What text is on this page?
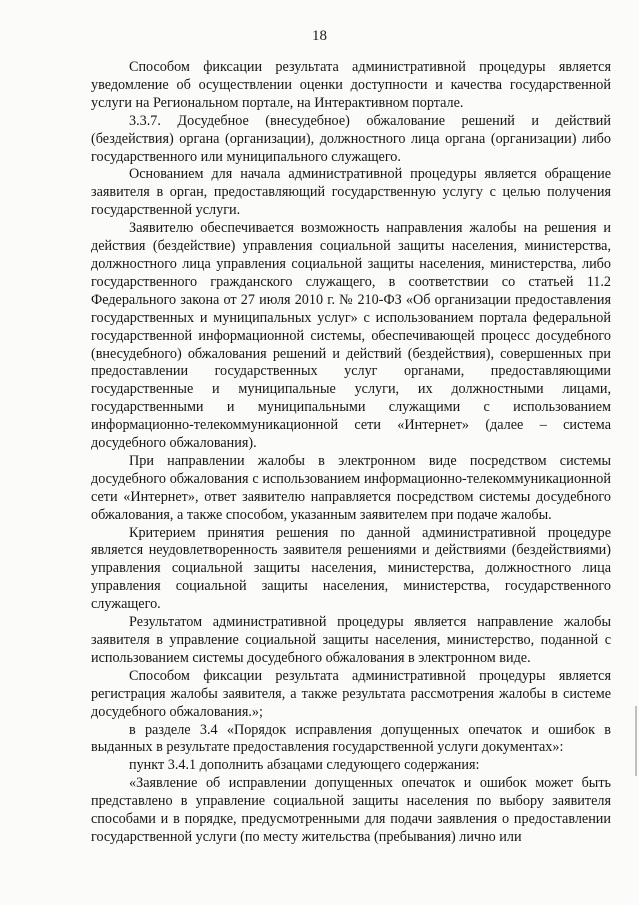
18

Способом фиксации результата административной процедуры является уведомление об осуществлении оценки доступности и качества государственной услуги на Региональном портале, на Интерактивном портале.

3.3.7. Досудебное (внесудебное) обжалование решений и действий (бездействия) органа (организации), должностного лица органа (организации) либо государственного или муниципального служащего.

Основанием для начала административной процедуры является обращение заявителя в орган, предоставляющий государственную услугу с целью получения государственной услуги.

Заявителю обеспечивается возможность направления жалобы на решения и действия (бездействие) управления социальной защиты населения, министерства, должностного лица управления социальной защиты населения, министерства, либо государственного гражданского служащего, в соответствии со статьей 11.2 Федерального закона от 27 июля 2010 г. № 210-ФЗ «Об организации предоставления государственных и муниципальных услуг» с использованием портала федеральной государственной информационной системы, обеспечивающей процесс досудебного (внесудебного) обжалования решений и действий (бездействия), совершенных при предоставлении государственных услуг органами, предоставляющими государственные и муниципальные услуги, их должностными лицами, государственными и муниципальными служащими с использованием информационно-телекоммуникационной сети «Интернет» (далее – система досудебного обжалования).

При направлении жалобы в электронном виде посредством системы досудебного обжалования с использованием информационно-телекоммуникационной сети «Интернет», ответ заявителю направляется посредством системы досудебного обжалования, а также способом, указанным заявителем при подаче жалобы.

Критерием принятия решения по данной административной процедуре является неудовлетворенность заявителя решениями и действиями (бездействиями) управления социальной защиты населения, министерства, должностного лица управления социальной защиты населения, министерства, государственного служащего.

Результатом административной процедуры является направление жалобы заявителя в управление социальной защиты населения, министерство, поданной с использованием системы досудебного обжалования в электронном виде.

Способом фиксации результата административной процедуры является регистрация жалобы заявителя, а также результата рассмотрения жалобы в системе досудебного обжалования.»;

в разделе 3.4 «Порядок исправления допущенных опечаток и ошибок в выданных в результате предоставления государственной услуги документах»:

пункт 3.4.1 дополнить абзацами следующего содержания:

«Заявление об исправлении допущенных опечаток и ошибок может быть представлено в управление социальной защиты населения по выбору заявителя способами и в порядке, предусмотренными для подачи заявления о предоставлении государственной услуги (по месту жительства (пребывания) лично или
